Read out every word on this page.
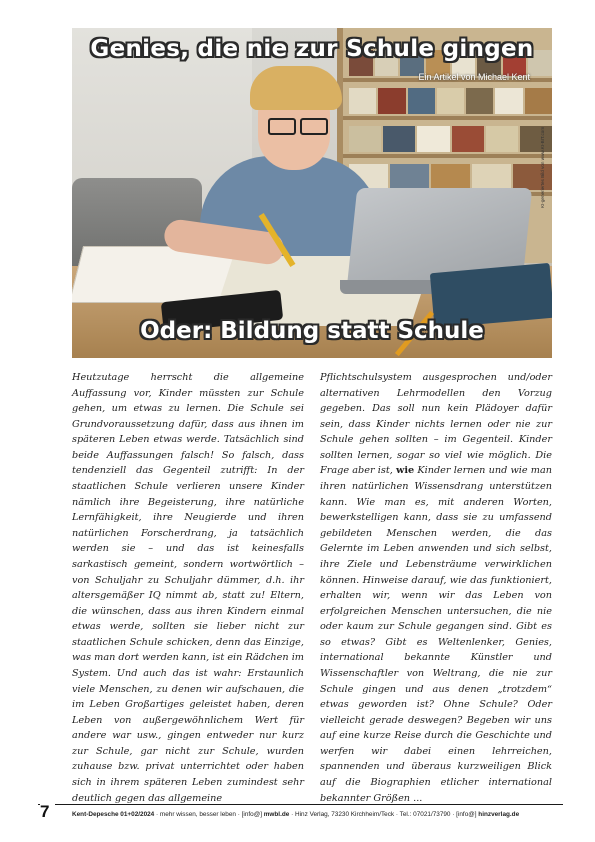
Genies, die nie zur Schule gingen
Ein Artikel von Michael Kent
KI-generiertes Bild von www.KI-BIT.com
Oder: Bildung statt Schule

Heutzutage herrscht die allgemeine Auffassung vor, Kinder müssten zur Schule gehen, um etwas zu lernen. Die Schule sei Grundvoraussetzung dafür, dass aus ihnen im späteren Leben etwas werde. Tatsächlich sind beide Auffassungen falsch! So falsch, dass tendenziell das Gegenteil zutrifft: In der staatlichen Schule verlieren unsere Kinder nämlich ihre Begeisterung, ihre natürliche Lernfähigkeit, ihre Neugierde und ihren natürlichen Forscherdrang, ja tatsächlich werden sie – und das ist keinesfalls sarkastisch gemeint, sondern wortwörtlich – von Schuljahr zu Schuljahr dümmer, d.h. ihr altersgemäßer IQ nimmt ab, statt zu! Eltern, die wünschen, dass aus ihren Kindern einmal etwas werde, sollten sie lieber nicht zur staatlichen Schule schicken, denn das Einzige, was man dort werden kann, ist ein Rädchen im System. Und auch das ist wahr: Erstaunlich viele Menschen, zu denen wir aufschauen, die im Leben Großartiges geleistet haben, deren Leben von außergewöhnlichem Wert für andere war usw., gingen entweder nur kurz zur Schule, gar nicht zur Schule, wurden zuhause bzw. privat unterrichtet oder haben sich in ihrem späteren Leben zumindest sehr deutlich gegen das allgemeine

Pflichtschulsystem ausgesprochen und/oder alternativen Lehrmodellen den Vorzug gegeben. Das soll nun kein Plädoyer dafür sein, dass Kinder nichts lernen oder nie zur Schule gehen sollten – im Gegenteil. Kinder sollten lernen, sogar so viel wie möglich. Die Frage aber ist, wie Kinder lernen und wie man ihren natürlichen Wissensdrang unterstützen kann. Wie man es, mit anderen Worten, bewerkstelligen kann, dass sie zu umfassend gebildeten Menschen werden, die das Gelernte im Leben anwenden und sich selbst, ihre Ziele und Lebensträume verwirklichen können. Hinweise darauf, wie das funktioniert, erhalten wir, wenn wir das Leben von erfolgreichen Menschen untersuchen, die nie oder kaum zur Schule gegangen sind. Gibt es so etwas? Gibt es Weltenlenker, Genies, international bekannte Künstler und Wissenschaftler von Weltrang, die nie zur Schule gingen und aus denen „trotzdem“ etwas geworden ist? Ohne Schule? Oder vielleicht gerade deswegen? Begeben wir uns auf eine kurze Reise durch die Geschichte und werfen wir dabei einen lehrreichen, spannenden und überaus kurzweiligen Blick auf die Biographien etlicher international bekannter Größen ...

7	Kent-Depesche 01+02/2024 · mehr wissen, besser leben · [info@] mwbl.de · Hinz Verlag, 73230 Kirchheim/Teck · Tel.: 07021/73790 · [info@] hinzverlag.de
